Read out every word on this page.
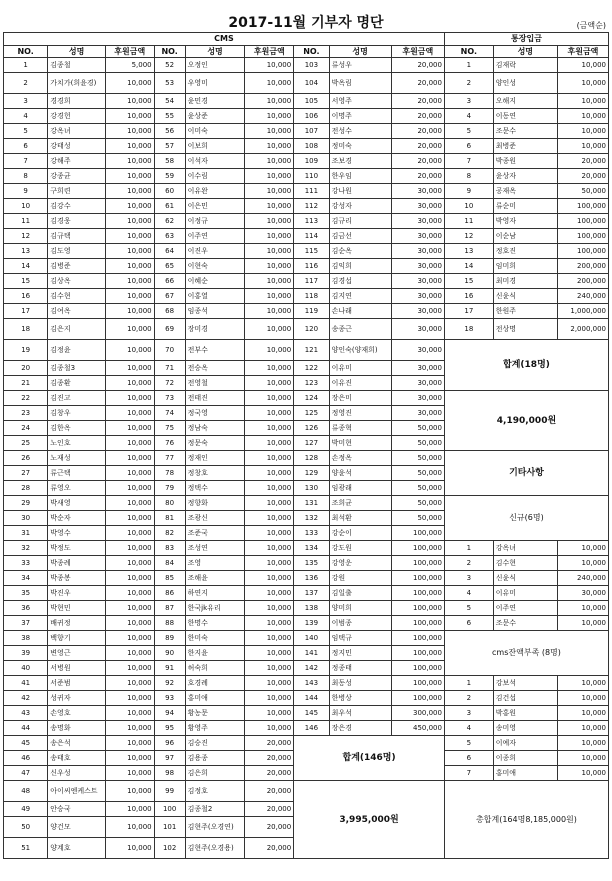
2017-11월 기부자 명단	(금액순)
CMS									통장입금		
NO.	성명	후원금액	NO.	성명	후원금액	NO.	성명	후원금액	NO.	성명	후원금액
1	김종철	5,000	52	오정인	10,000	103	류성우	20,000	1	김재락	10,000
2	가치가(희윤경)	10,000	53	우영미	10,000	104	박옥림	20,000	2	양인성	10,000
3	경경희	10,000	54	윤민경	10,000	105	서영주	20,000	3	오해지	10,000
4	강경헌	10,000	55	윤상준	10,000	106	이명주	20,000	4	이동연	10,000
5	강옥녀	10,000	56	이미숙	10,000	107	전성수	20,000	5	조문수	10,000
6	강태성	10,000	57	이보희	10,000	108	정미숙	20,000	6	최병준	10,000
7	강해주	10,000	58	이석자	10,000	109	조보경	20,000	7	박종원	20,000
8	강종균	10,000	59	이수림	10,000	110	한우임	20,000	8	윤상자	20,000
9	구희련	10,000	60	이유완	10,000	111	강나원	30,000	9	공재옥	50,000
10	김강수	10,000	61	이은민	10,000	112	강성자	30,000	10	류순미	100,000
11	김경웅	10,000	62	이정규	10,000	113	김규리	30,000	11	박영자	100,000
12	김규택	10,000	63	이주연	10,000	114	김금선	30,000	12	이순남	100,000
13	김도영	10,000	64	이진우	10,000	115	김순옥	30,000	13	정호진	100,000
14	김병준	10,000	65	이현숙	10,000	116	김익희	30,000	14	임미희	200,000
15	김상옥	10,000	66	이혜순	10,000	117	김경섭	30,000	15	최미경	200,000
16	김수현	10,000	67	이홍열	10,000	118	김지연	30,000	16	신윤식	240,000
17	김여옥	10,000	68	임종석	10,000	119	손나래	30,000	17	한원주	1,000,000
18	김은지	10,000	69	장미경	10,000	120	송종근	30,000	18	전상명	2,000,000
19	김정윤	10,000	70	전부수	10,000	121	양인숙(양재희)	30,000	합계(18명)		
20	김종철3	10,000	71	전승옥	10,000	122	이유미	30,000			
21	김종환	10,000	72	전영철	10,000	123	이유진	30,000			
22	김진고	10,000	73	전태진	10,000	124	장은미	30,000	4,190,000원		
23	김창우	10,000	74	정국영	10,000	125	정영진	30,000			
24	김한옥	10,000	75	정남숙	10,000	126	류종혁	50,000			
25	노인호	10,000	76	정문숙	10,000	127	박미현	50,000			
26	노재성	10,000	77	정재인	10,000	128	손정옥	50,000	기타사항		
27	류근택	10,000	78	정창호	10,000	129	양윤석	50,000			
28	류영오	10,000	79	정택수	10,000	130	임광래	50,000			
29	박새영	10,000	80	정향화	10,000	131	조희균	50,000	신규(6명)		
30	박순자	10,000	81	조광신	10,000	132	최석환	50,000			
31	박영수	10,000	82	조준국	10,000	133	강순이	100,000			
32	박정도	10,000	83	조성연	10,000	134	강도원	100,000	1	강옥녀	10,000
33	박종례	10,000	84	조영	10,000	135	강영운	100,000	2	김수현	10,000
34	박종봉	10,000	85	조해윤	10,000	136	강원	100,000	3	신윤식	240,000
35	박진우	10,000	86	하연지	10,000	137	김일출	100,000	4	이유미	30,000
36	박현민	10,000	87	한국jk유리	10,000	138	양미희	100,000	5	이주연	10,000
37	배귀정	10,000	88	한명수	10,000	139	이범종	100,000	6	조문수	10,000
38	백향기	10,000	89	한미숙	10,000	140	임택규	100,000	cms잔액부족 (8명)		
39	변영근	10,000	90	한지윤	10,000	141	정지민	100,000			
40	서병원	10,000	91	허숙희	10,000	142	정종태	100,000			
41	서준범	10,000	92	호경례	10,000	143	최동성	100,000	1	강보석	10,000
42	성귀자	10,000	93	홍미애	10,000	144	한병상	100,000	2	김건섭	10,000
43	손영호	10,000	94	황농문	10,000	145	최우석	300,000	3	박홍원	10,000
44	송명화	10,000	95	황영주	10,000	146	장은경	450,000	4	송미영	10,000
45	송은석	10,000	96	김승진	20,000	합계(146명)			5	이예자	10,000
46	송태호	10,000	97	김용종	20,000				6	이종희	10,000
47	신우성	10,000	98	김은희	20,000				7	홍미애	10,000
48	아이씨엔케스트	10,000	99	김정호	20,000	3,995,000원			총합계(164명8,185,000원)		
49	안승국	10,000	100	김종철2	20,000						
50	양건모	10,000	101	김현주(오경연)	20,000						
51	양계호	10,000	102	김현주(오경용)	20,000						
